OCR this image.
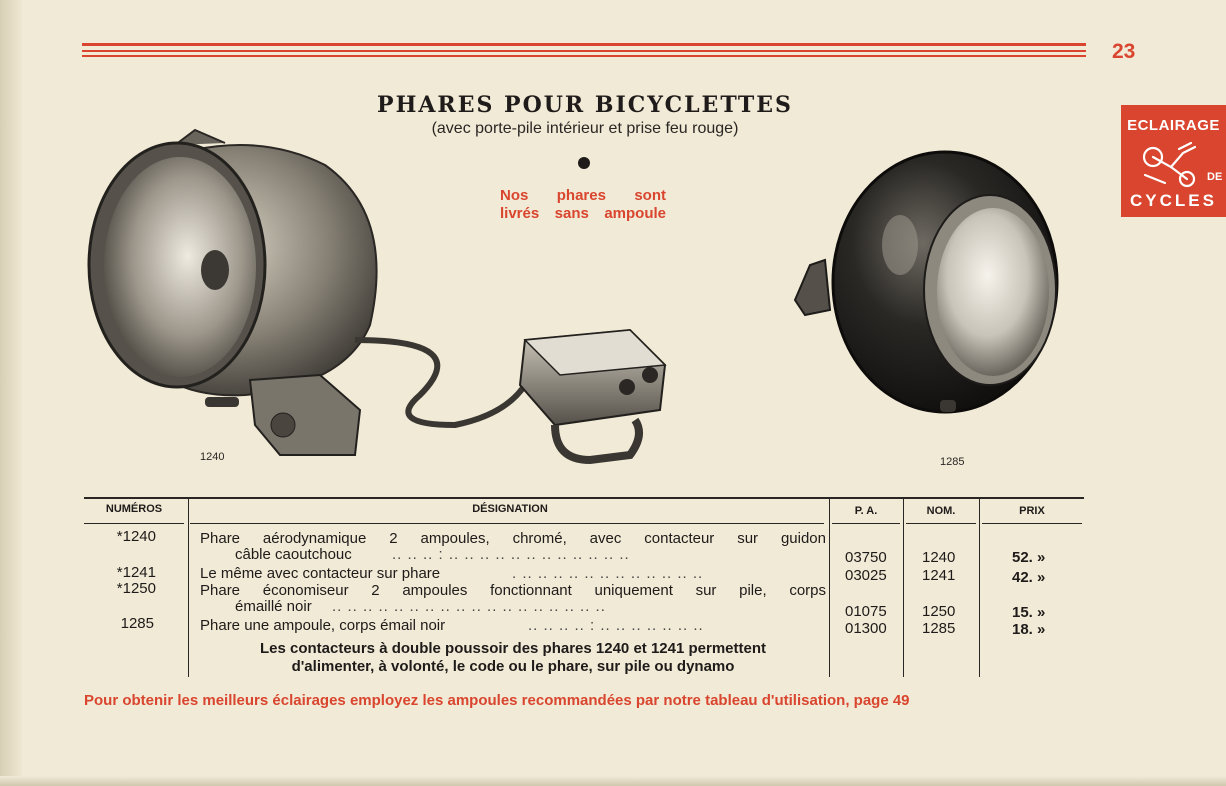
23
ECLAIRAGE
DE
CYCLES
PHARES POUR BICYCLETTES
(avec porte-pile intérieur et prise feu rouge)
Nos phares sont
livrés sans ampoule
1240	1285
NUMÉROS	DÉSIGNATION	P. A.	NOM.	PRIX
*1240	Phare aérodynamique 2 ampoules, chromé, avec contacteur sur guidon
câble caoutchouc	.. .. .. : .. .. .. .. .. .. .. .. .. .. .. ..	03750 1240	52. »
*1241	Le même avec contacteur sur phare	. .. .. .. .. .. .. .. .. .. .. .. ..	03025 1241	42. »
*1250	Phare économiseur 2 ampoules fonctionnant uniquement sur pile, corps
émaillé noir .. .. .. .. .. .. .. .. .. .. .. .. .. .. .. .. .. ..	01075 1250	15. »
1285	Phare une ampoule, corps émail noir	.. .. .. .. : .. .. .. .. .. .. ..	01300 1285	18. »
Les contacteurs à double poussoir des phares 1240 et 1241 permettent
d'alimenter, à volonté, le code ou le phare, sur pile ou dynamo
Pour obtenir les meilleurs éclairages employez les ampoules recommandées par notre tableau d'utilisation, page 49
